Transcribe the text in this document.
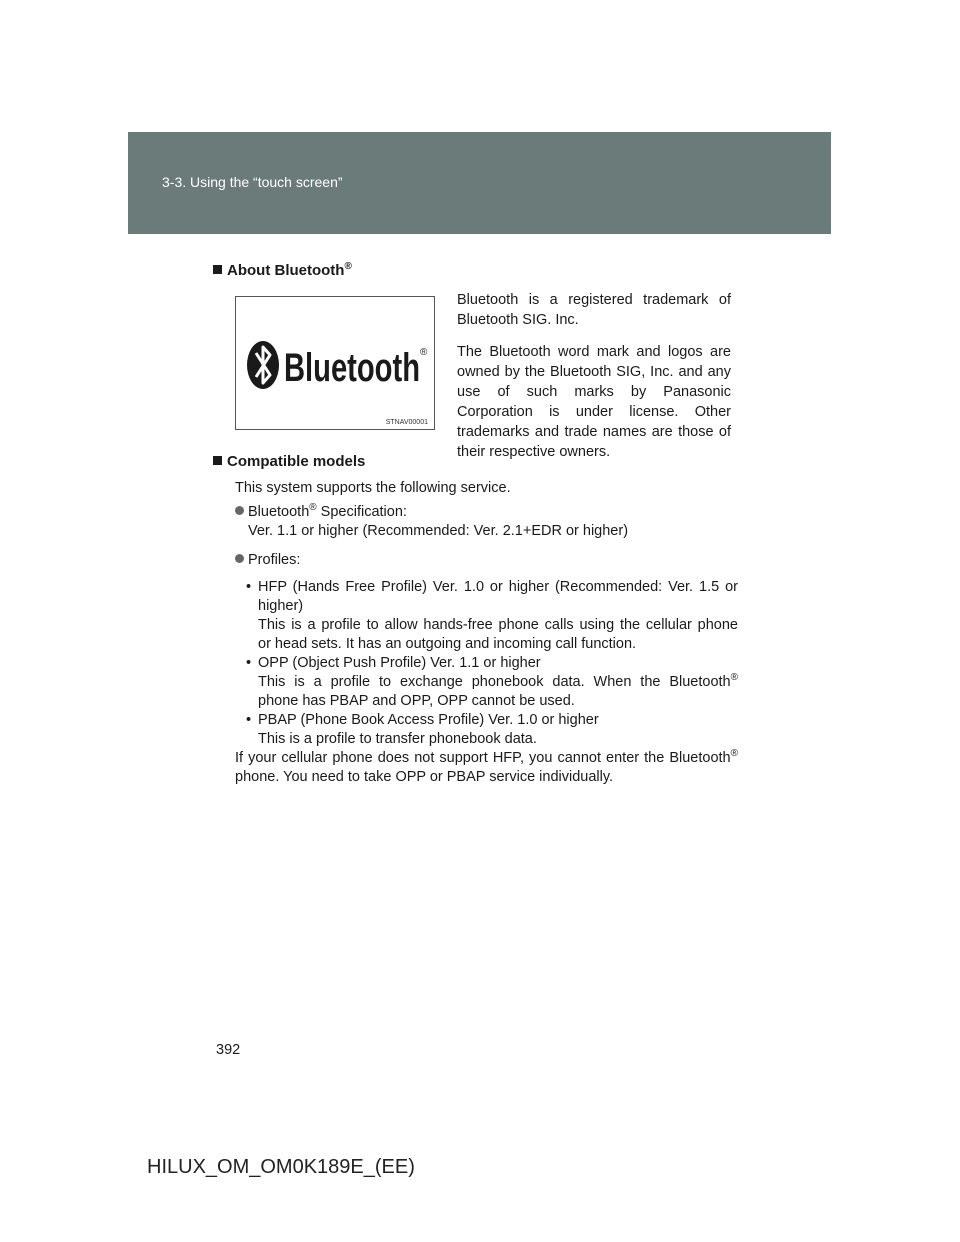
3-3. Using the “touch screen”
About Bluetooth®
Bluetooth ®
STNAV00001

Bluetooth is a registered trademark of Bluetooth SIG. Inc.

The Bluetooth word mark and logos are owned by the Bluetooth SIG, Inc. and any use of such marks by Panasonic Corporation is under license. Other trademarks and trade names are those of their respective owners.

Compatible models
This system supports the following service.
Bluetooth® Specification:
Ver. 1.1 or higher (Recommended: Ver. 2.1+EDR or higher)
Profiles:
• HFP (Hands Free Profile) Ver. 1.0 or higher (Recommended: Ver. 1.5 or
higher)
This is a profile to allow hands-free phone calls using the cellular phone
or head sets. It has an outgoing and incoming call function.
• OPP (Object Push Profile) Ver. 1.1 or higher
This is a profile to exchange phonebook data. When the Bluetooth®
phone has PBAP and OPP, OPP cannot be used.
• PBAP (Phone Book Access Profile) Ver. 1.0 or higher
This is a profile to transfer phonebook data.
If your cellular phone does not support HFP, you cannot enter the Bluetooth®
phone. You need to take OPP or PBAP service individually.
392
HILUX_OM_OM0K189E_(EE)
